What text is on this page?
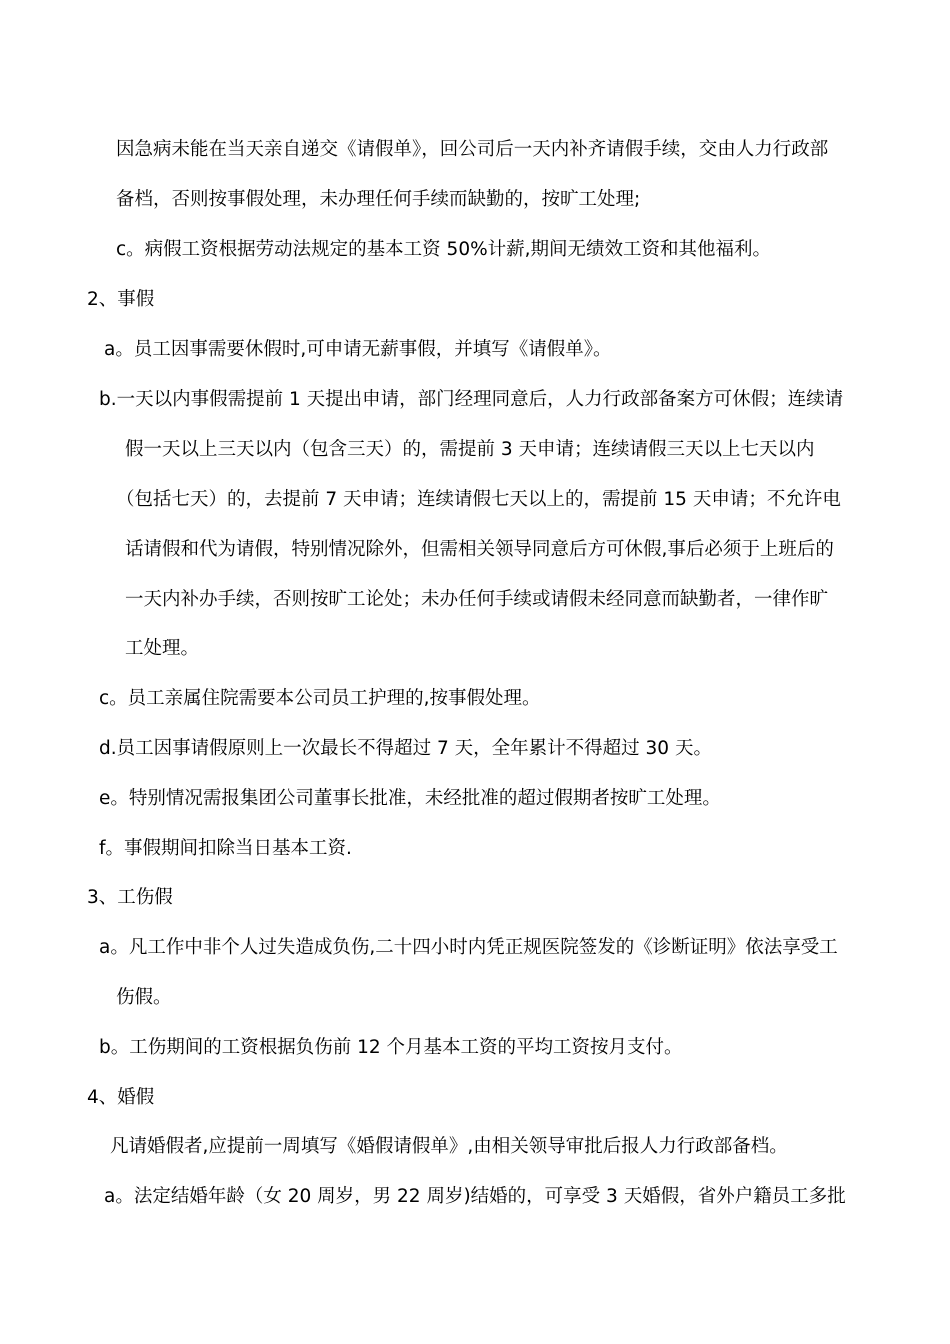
因急病未能在当天亲自递交《请假单》，回公司后一天内补齐请假手续，交由人力行政部
备档，否则按事假处理，未办理任何手续而缺勤的，按旷工处理;
c。病假工资根据劳动法规定的基本工资 50%计薪,期间无绩效工资和其他福利。
2、事假
a。员工因事需要休假时,可申请无薪事假，并填写《请假单》。
b.一天以内事假需提前 1 天提出申请，部门经理同意后，人力行政部备案方可休假；连续请
假一天以上三天以内（包含三天）的，需提前 3 天申请；连续请假三天以上七天以内
（包括七天）的，去提前 7 天申请；连续请假七天以上的，需提前 15 天申请；不允许电
话请假和代为请假，特别情况除外，但需相关领导同意后方可休假,事后必须于上班后的
一天内补办手续，否则按旷工论处；未办任何手续或请假未经同意而缺勤者，一律作旷
工处理。
c。员工亲属住院需要本公司员工护理的,按事假处理。
d.员工因事请假原则上一次最长不得超过 7 天，全年累计不得超过 30 天。
e。特别情况需报集团公司董事长批准，未经批准的超过假期者按旷工处理。
f。事假期间扣除当日基本工资.
3、工伤假
a。凡工作中非个人过失造成负伤,二十四小时内凭正规医院签发的《诊断证明》依法享受工
伤假。
b。工伤期间的工资根据负伤前 12 个月基本工资的平均工资按月支付。
4、婚假
凡请婚假者,应提前一周填写《婚假请假单》,由相关领导审批后报人力行政部备档。
a。法定结婚年龄（女 20 周岁，男 22 周岁)结婚的，可享受 3 天婚假，省外户籍员工多批
